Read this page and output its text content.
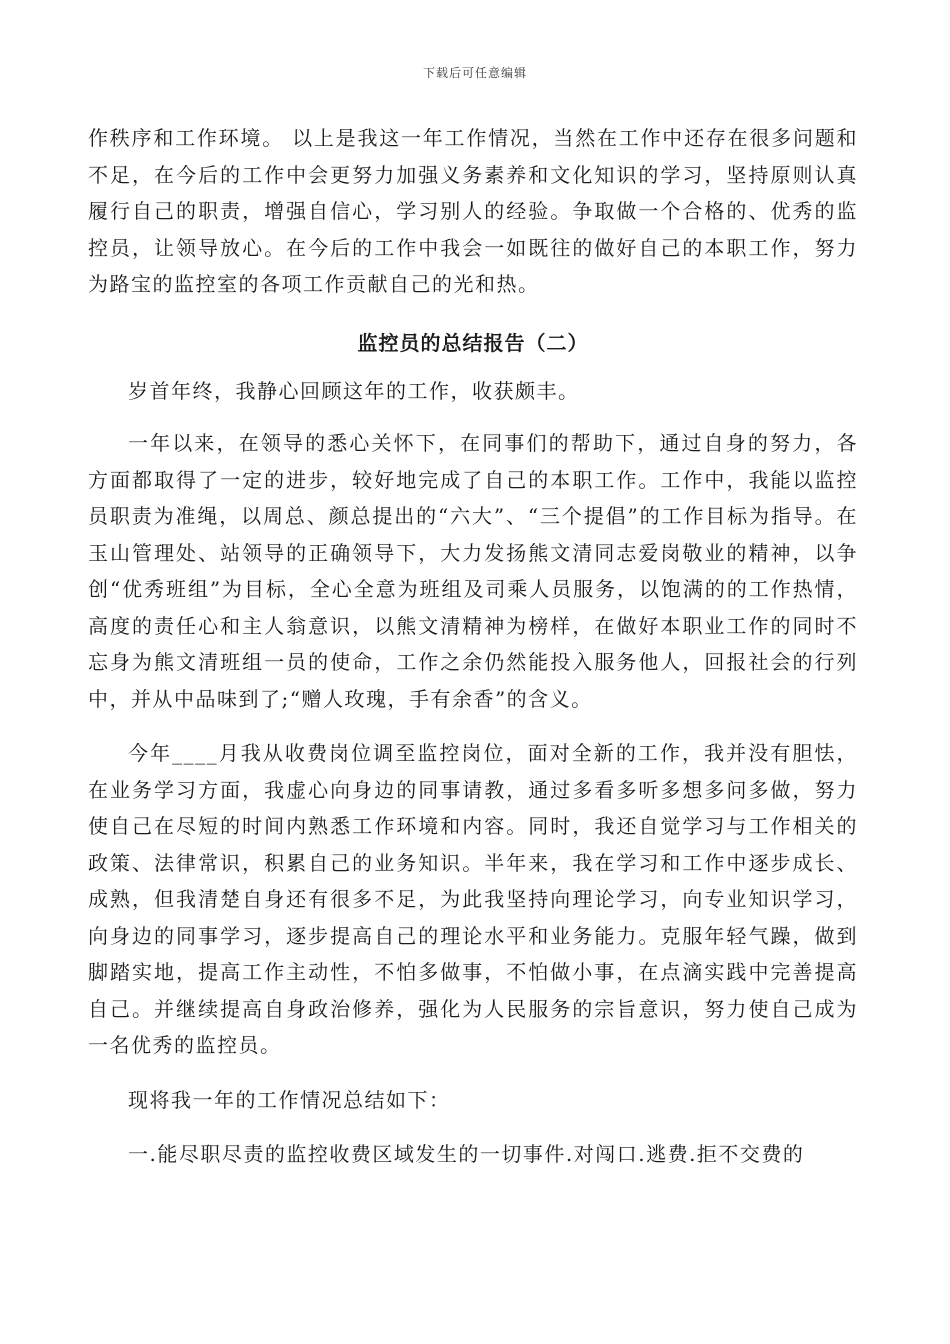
下载后可任意编辑

作秩序和工作环境。 以上是我这一年工作情况，当然在工作中还存在很多问题和不足，在今后的工作中会更努力加强义务素养和文化知识的学习，坚持原则认真履行自己的职责，增强自信心，学习别人的经验。争取做一个合格的、优秀的监控员，让领导放心。在今后的工作中我会一如既往的做好自己的本职工作，努力为路宝的监控室的各项工作贡献自己的光和热。

监控员的总结报告（二）

岁首年终，我静心回顾这年的工作，收获颇丰。

一年以来，在领导的悉心关怀下，在同事们的帮助下，通过自身的努力，各方面都取得了一定的进步，较好地完成了自己的本职工作。工作中，我能以监控员职责为准绳，以周总、颜总提出的“六大”、“三个提倡”的工作目标为指导。在玉山管理处、站领导的正确领导下，大力发扬熊文清同志爱岗敬业的精神，以争创“优秀班组”为目标，全心全意为班组及司乘人员服务，以饱满的的工作热情，高度的责任心和主人翁意识，以熊文清精神为榜样，在做好本职业工作的同时不忘身为熊文清班组一员的使命，工作之余仍然能投入服务他人，回报社会的行列中，并从中品味到了;“赠人玫瑰，手有余香”的含义。

今年____月我从收费岗位调至监控岗位，面对全新的工作，我并没有胆怯，在业务学习方面，我虚心向身边的同事请教，通过多看多听多想多问多做，努力使自己在尽短的时间内熟悉工作环境和内容。同时，我还自觉学习与工作相关的政策、法律常识，积累自己的业务知识。半年来，我在学习和工作中逐步成长、成熟，但我清楚自身还有很多不足，为此我坚持向理论学习，向专业知识学习，向身边的同事学习，逐步提高自己的理论水平和业务能力。克服年轻气躁，做到脚踏实地，提高工作主动性，不怕多做事，不怕做小事，在点滴实践中完善提高自己。并继续提高自身政治修养，强化为人民服务的宗旨意识，努力使自己成为一名优秀的监控员。

现将我一年的工作情况总结如下：

一.能尽职尽责的监控收费区域发生的一切事件.对闯口.逃费.拒不交费的
